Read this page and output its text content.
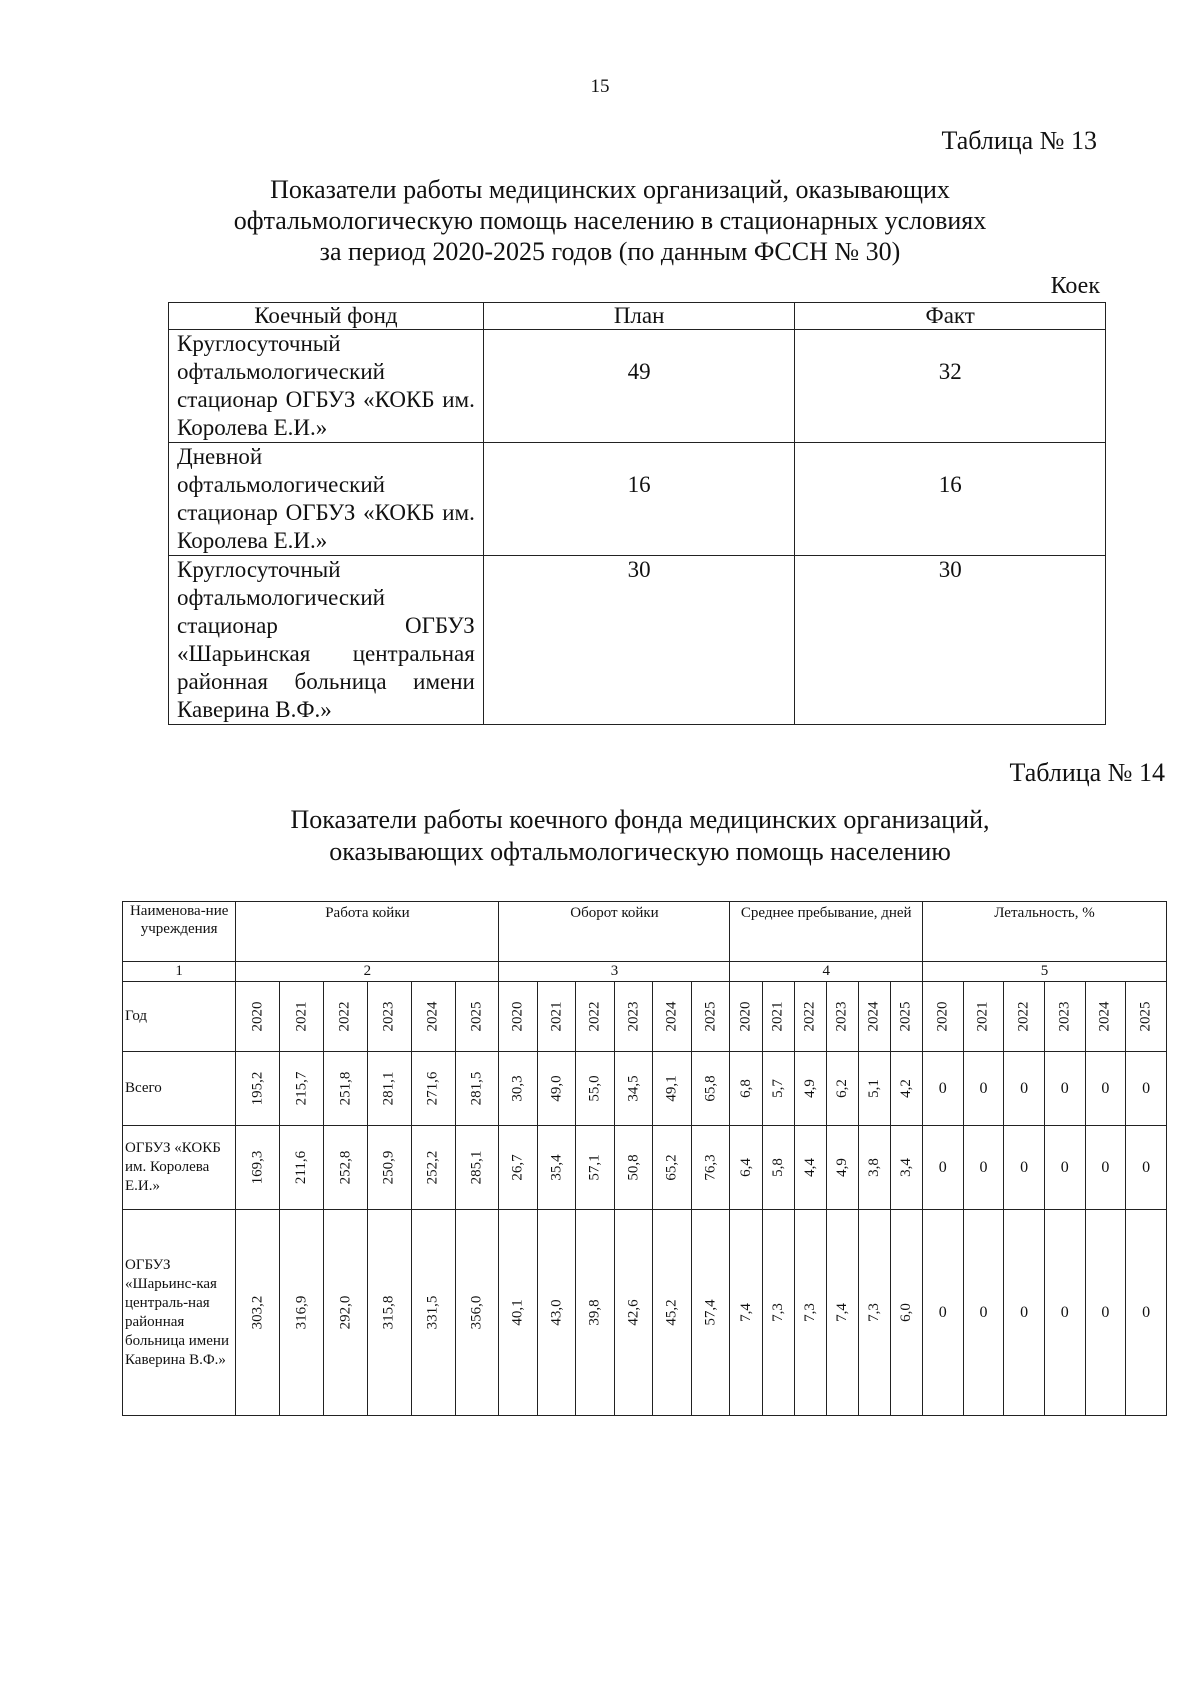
15
Таблица № 13
Показатели работы медицинских организаций, оказывающих
офтальмологическую помощь населению в стационарных условиях
за период 2020-2025 годов (по данным ФССН № 30)
Коек
Коечный фонд	План	Факт
Круглосуточный офтальмологический стационар ОГБУЗ «КОКБ им. Королева Е.И.»	49	32
Дневной офтальмологический стационар ОГБУЗ «КОКБ им. Королева Е.И.»	16	16
Круглосуточный офтальмологический стационар ОГБУЗ «Шарьинская центральная районная больница имени Каверина В.Ф.»	30	30
Таблица № 14
Показатели работы коечного фонда медицинских организаций,
оказывающих офтальмологическую помощь населению
Наименова-ние учреждения	Работа койки						Оборот койки						Среднее пребывание, дней						Летальность, %					
1	2						3						4						5					
Год	2020	2021	2022	2023	2024	2025	2020	2021	2022	2023	2024	2025	2020	2021	2022	2023	2024	2025	2020	2021	2022	2023	2024	2025
Всего	195,2	215,7	251,8	281,1	271,6	281,5	30,3	49,0	55,0	34,5	49,1	65,8	6,8	5,7	4,9	6,2	5,1	4,2	0	0	0	0	0	0
ОГБУЗ «КОКБ им. Королева Е.И.»	169,3	211,6	252,8	250,9	252,2	285,1	26,7	35,4	57,1	50,8	65,2	76,3	6,4	5,8	4,4	4,9	3,8	3,4	0	0	0	0	0	0
ОГБУЗ «Шарьинс-кая централь-ная районная больница имени Каверина В.Ф.»	303,2	316,9	292,0	315,8	331,5	356,0	40,1	43,0	39,8	42,6	45,2	57,4	7,4	7,3	7,3	7,4	7,3	6,0	0	0	0	0	0	0
